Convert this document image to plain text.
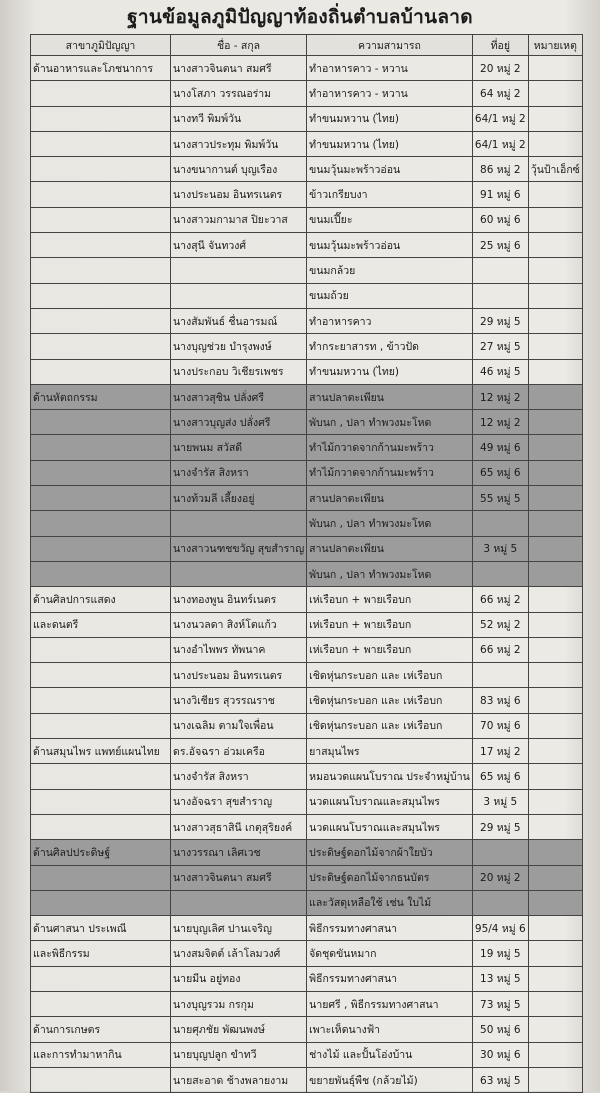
ฐานข้อมูลภูมิปัญญาท้องถิ่นตำบลบ้านลาด
สาขาภูมิปัญญา	ชื่อ - สกุล	ความสามารถ	ที่อยู่	หมายเหตุ
ด้านอาหารและโภชนาการ	นางสาวจินตนา สมศรี	ทำอาหารคาว - หวาน	20 หมู่ 2	
	นางโสภา วรรณอร่าม	ทำอาหารคาว - หวาน	64 หมู่ 2	
	นางทวี พิมพ์วัน	ทำขนมหวาน (ไทย)	64/1 หมู่ 2	
	นางสาวประทุม พิมพ์วัน	ทำขนมหวาน (ไทย)	64/1 หมู่ 2	
	นางขนากานต์ บุญเรือง	ขนมวุ้นมะพร้าวอ่อน	86 หมู่ 2	วุ้นป้าเอ็กซ์
	นางประนอม อินทรเนตร	ข้าวเกรียบงา	91 หมู่ 6	
	นางสาวมกามาส ปิยะวาส	ขนมเปี๊ยะ	60 หมู่ 6	
	นางสุนี จันทวงศ์	ขนมวุ้นมะพร้าวอ่อน	25 หมู่ 6	
		ขนมกล้วย		
		ขนมถ้วย		
	นางสัมพันธ์ ชื่นอารมณ์	ทำอาหารคาว	29 หมู่ 5	
	นางบุญช่วย บำรุงพงษ์	ทำกระยาสารท , ข้าวปัด	27 หมู่ 5	
	นางประกอบ วิเชียรเพชร	ทำขนมหวาน (ไทย)	46 หมู่ 5	
ด้านหัตถกรรม	นางสาวสุชิน ปลั่งศรี	สานปลาตะเพียน	12 หมู่ 2	
	นางสาวบุญส่ง ปลั่งศรี	พับนก , ปลา ทำพวงมะโหด	12 หมู่ 2	
	นายพนม สวัสดี	ทำไม้กวาดจากก้านมะพร้าว	49 หมู่ 6	
	นางจำรัส สิงหรา	ทำไม้กวาดจากก้านมะพร้าว	65 หมู่ 6	
	นางท้วมลี เลี้ยงอยู่	สานปลาตะเพียน	55 หมู่ 5	
		พับนก , ปลา ทำพวงมะโหด		
	นางสาวนฑชขวัญ สุขสำราญ	สานปลาตะเพียน	3 หมู่ 5	
		พับนก , ปลา ทำพวงมะโหด		
ด้านศิลปการแสดง	นางทองพูน อินทร์เนตร	เห่เรือบก + พายเรือบก	66 หมู่ 2	
และดนตรี	นางนวลดา สิงห์โตแก้ว	เห่เรือบก + พายเรือบก	52 หมู่ 2	
	นางอำไพพร ทัพนาค	เห่เรือบก + พายเรือบก	66 หมู่ 2	
	นางประนอม อินทรเนตร	เชิดหุ่นกระบอก และ เห่เรือบก		
	นางวิเชียร สุวรรณราช	เชิดหุ่นกระบอก และ เห่เรือบก	83 หมู่ 6	
	นางเฉลิม ตามใจเพื่อน	เชิดหุ่นกระบอก และ เห่เรือบก	70 หมู่ 6	
ด้านสมุนไพร แพทย์แผนไทย	ดร.อัจฉรา อ่วมเครือ	ยาสมุนไพร	17 หมู่ 2	
	นางจำรัส สิงหรา	หมอนวดแผนโบราณ ประจำหมู่บ้าน	65 หมู่ 6	
	นางอัจฉรา สุขสำราญ	นวดแผนโบราณและสมุนไพร	3 หมู่ 5	
	นางสาวสุธาสินี เกตุสุริยงค์	นวดแผนโบราณและสมุนไพร	29 หมู่ 5	
ด้านศิลปประดิษฐ์	นางวรรณา เลิศเวช	ประดิษฐ์ดอกไม้จากผ้าใยบัว		
	นางสาวจินตนา สมศรี	ประดิษฐ์ดอกไม้จากธนบัตร	20 หมู่ 2	
		และวัสดุเหลือใช้ เช่น ใบไม้		
ด้านศาสนา ประเพณี	นายบุญเลิศ ปานเจริญ	พิธีกรรมทางศาสนา	95/4 หมู่ 6	
และพิธีกรรม	นางสมจิตต์ เล้าโลมวงศ์	จัดชุดขันหมาก	19 หมู่ 5	
	นายมีน อยู่ทอง	พิธีกรรมทางศาสนา	13 หมู่ 5	
	นางบุญรวม กรกุม	นายศรี , พิธีกรรมทางศาสนา	73 หมู่ 5	
ด้านการเกษตร	นายศุภชัย พัฒนพงษ์	เพาะเห็ดนางฟ้า	50 หมู่ 6	
และการทำมาหากิน	นายบุญปลูก ขำทวี	ช่างไม้ และปั้นโอ่งบ้าน	30 หมู่ 6	
	นายสะอาด ช้างพลายงาม	ขยายพันธุ์พืช (กล้วยไม้)	63 หมู่ 5	
